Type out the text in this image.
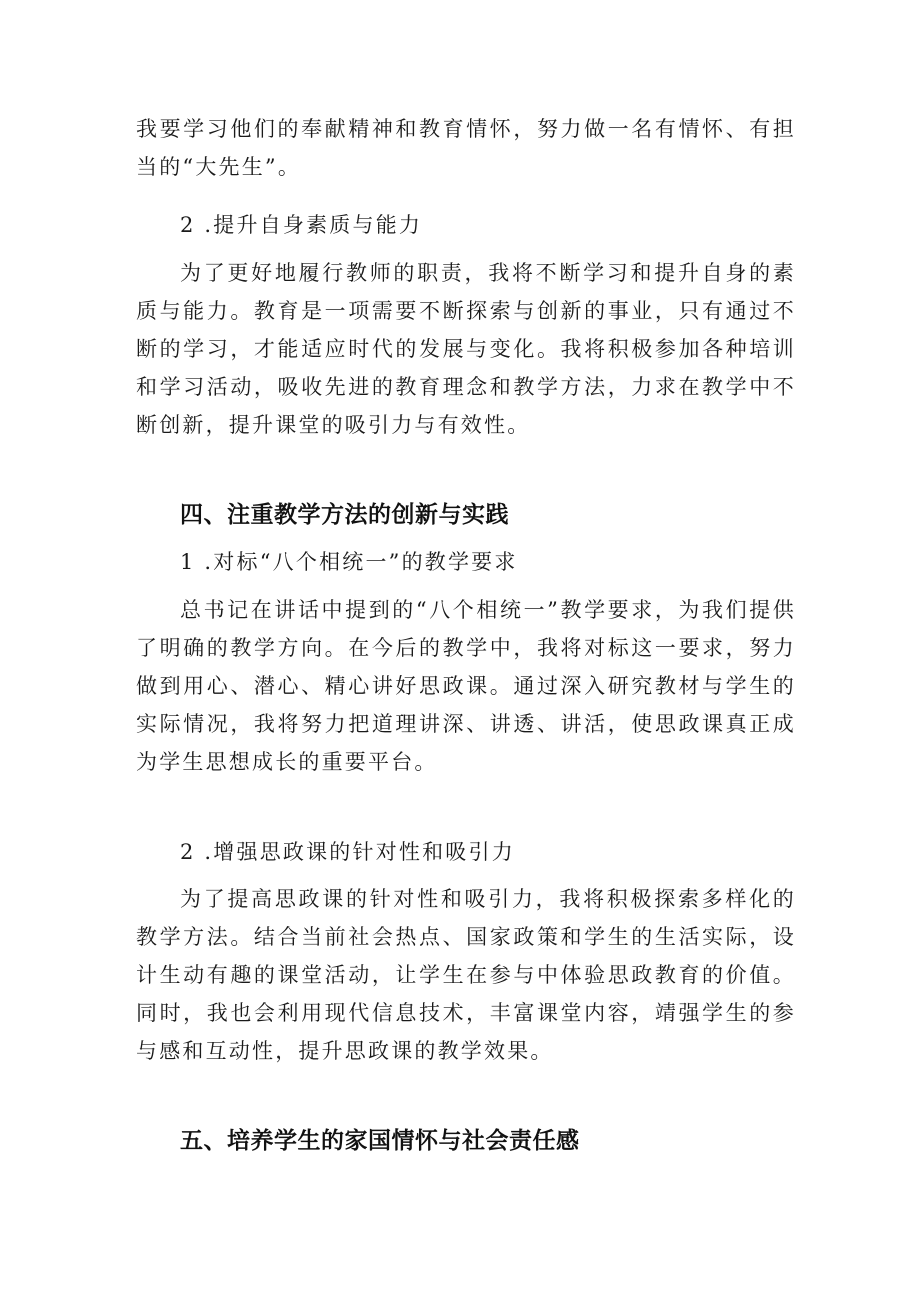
我要学习他们的奉献精神和教育情怀，努力做一名有情怀、有担当的“大先生”。

2 .提升自身素质与能力

为了更好地履行教师的职责，我将不断学习和提升自身的素质与能力。教育是一项需要不断探索与创新的事业，只有通过不断的学习，才能适应时代的发展与变化。我将积极参加各种培训和学习活动，吸收先进的教育理念和教学方法，力求在教学中不断创新，提升课堂的吸引力与有效性。

四、注重教学方法的创新与实践

1 .对标“八个相统一”的教学要求

总书记在讲话中提到的“八个相统一”教学要求，为我们提供了明确的教学方向。在今后的教学中，我将对标这一要求，努力做到用心、潜心、精心讲好思政课。通过深入研究教材与学生的实际情况，我将努力把道理讲深、讲透、讲活，使思政课真正成为学生思想成长的重要平台。

2 .增强思政课的针对性和吸引力

为了提高思政课的针对性和吸引力，我将积极探索多样化的教学方法。结合当前社会热点、国家政策和学生的生活实际，设计生动有趣的课堂活动，让学生在参与中体验思政教育的价值。同时，我也会利用现代信息技术，丰富课堂内容，靖强学生的参与感和互动性，提升思政课的教学效果。

五、培养学生的家国情怀与社会责任感
